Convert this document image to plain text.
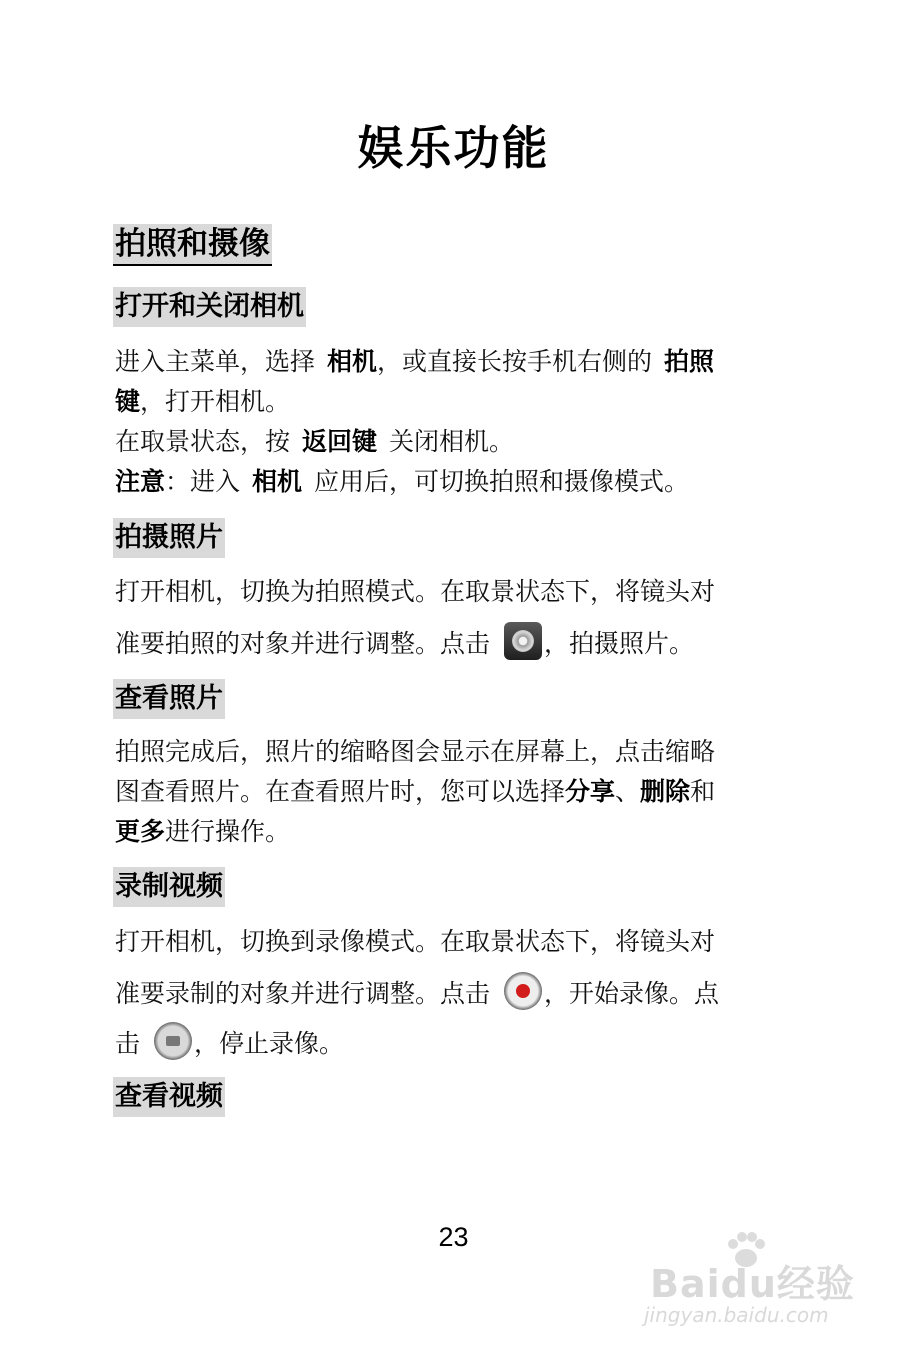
娱乐功能
拍照和摄像
打开和关闭相机

进入主菜单，选择 相机，或直接长按手机右侧的 拍照
键，打开相机。

在取景状态，按 返回键 关闭相机。

注意：进入 相机 应用后，可切换拍照和摄像模式。

拍摄照片

打开相机，切换为拍照模式。在取景状态下，将镜头对

准要拍照的对象并进行调整。点击 ，拍摄照片。

查看照片

拍照完成后，照片的缩略图会显示在屏幕上，点击缩略
图查看照片。在查看照片时，您可以选择分享、删除和
更多进行操作。

录制视频

打开相机，切换到录像模式。在取景状态下，将镜头对

准要录制的对象并进行调整。点击 ，开始录像。点

击 ，停止录像。

查看视频
23
Baidu经验
jingyan.baidu.com
